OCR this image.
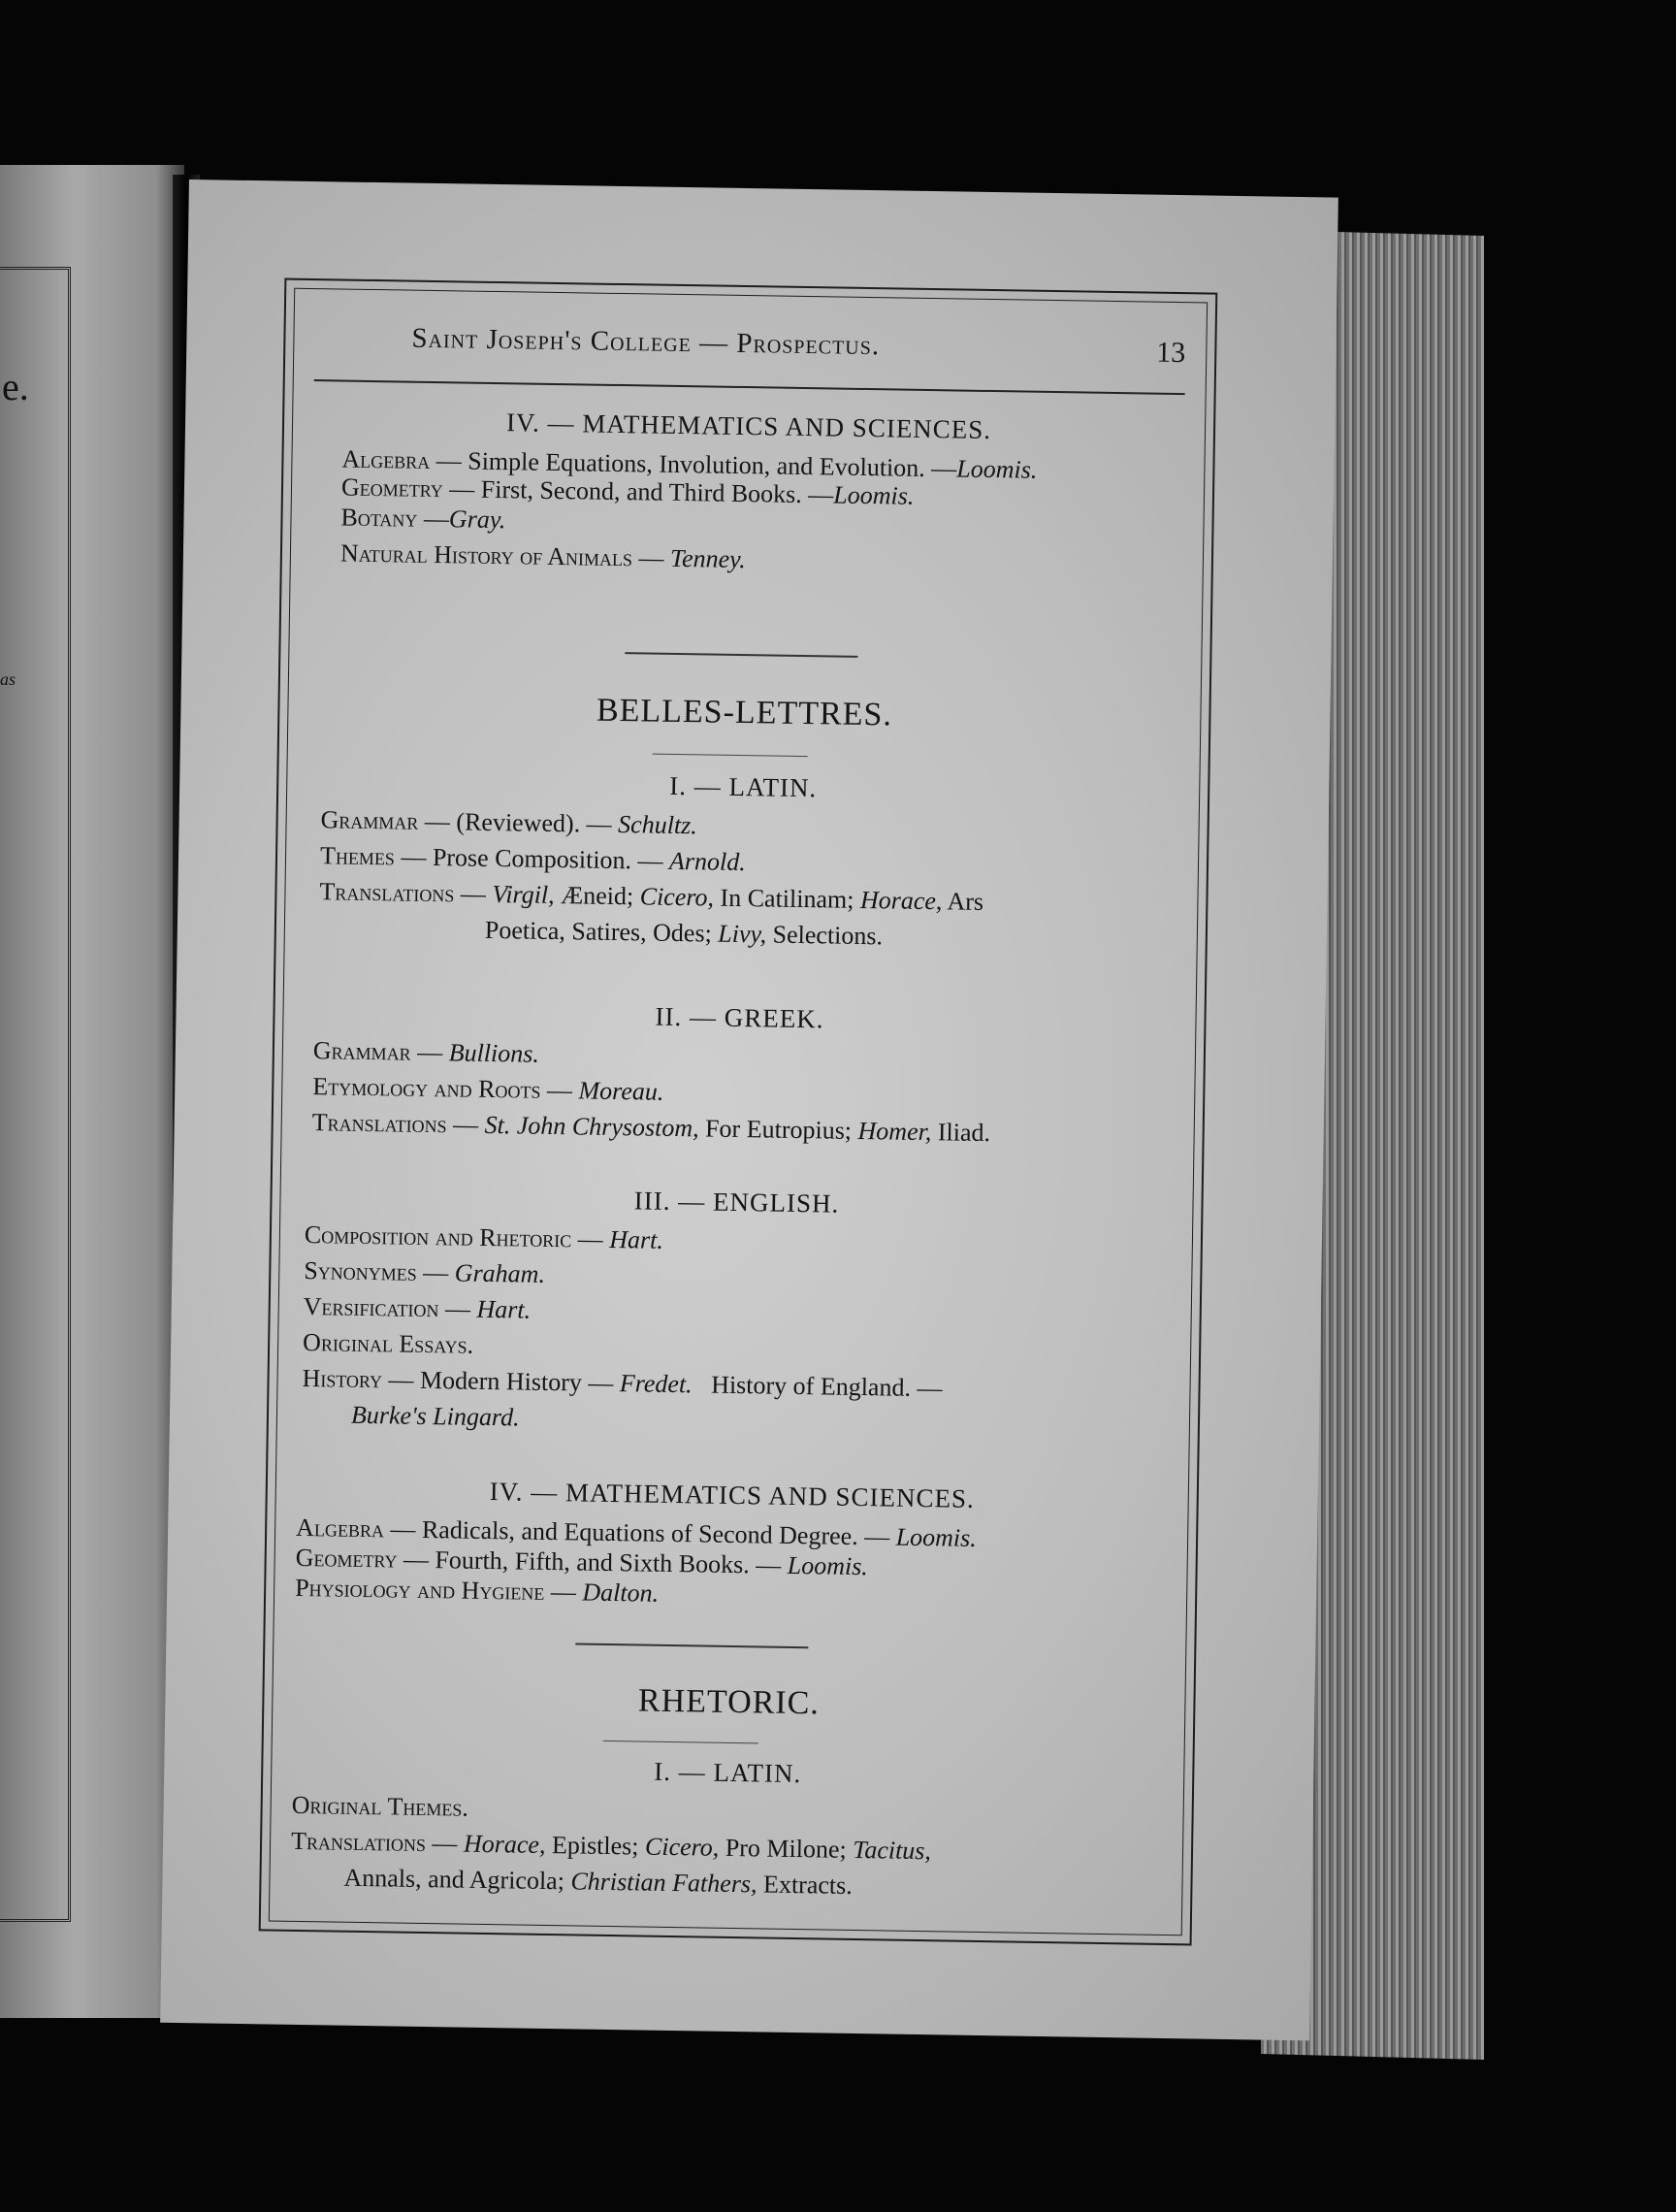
e.
as
Saint Joseph's College — Prospectus.	13
IV. — MATHEMATICS AND SCIENCES.
Algebra — Simple Equations, Involution, and Evolution. —Loomis.
Geometry — First, Second, and Third Books. —Loomis.
Botany —Gray.
Natural History of Animals — Tenney.
BELLES-LETTRES.
I. — LATIN.
Grammar — (Reviewed). — Schultz.
Themes — Prose Composition. — Arnold.
Translations — Virgil, Æneid; Cicero, In Catilinam; Horace, Ars
Poetica, Satires, Odes; Livy, Selections.
II. — GREEK.
Grammar — Bullions.
Etymology and Roots — Moreau.
Translations — St. John Chrysostom, For Eutropius; Homer, Iliad.
III. — ENGLISH.
Composition and Rhetoric — Hart.
Synonymes — Graham.
Versification — Hart.
Original Essays.
History — Modern History — Fredet.   History of England. —
Burke's Lingard.
IV. — MATHEMATICS AND SCIENCES.
Algebra — Radicals, and Equations of Second Degree. — Loomis.
Geometry — Fourth, Fifth, and Sixth Books. — Loomis.
Physiology and Hygiene — Dalton.
RHETORIC.
I. — LATIN.
Original Themes.
Translations — Horace, Epistles; Cicero, Pro Milone; Tacitus,
Annals, and Agricola; Christian Fathers, Extracts.
